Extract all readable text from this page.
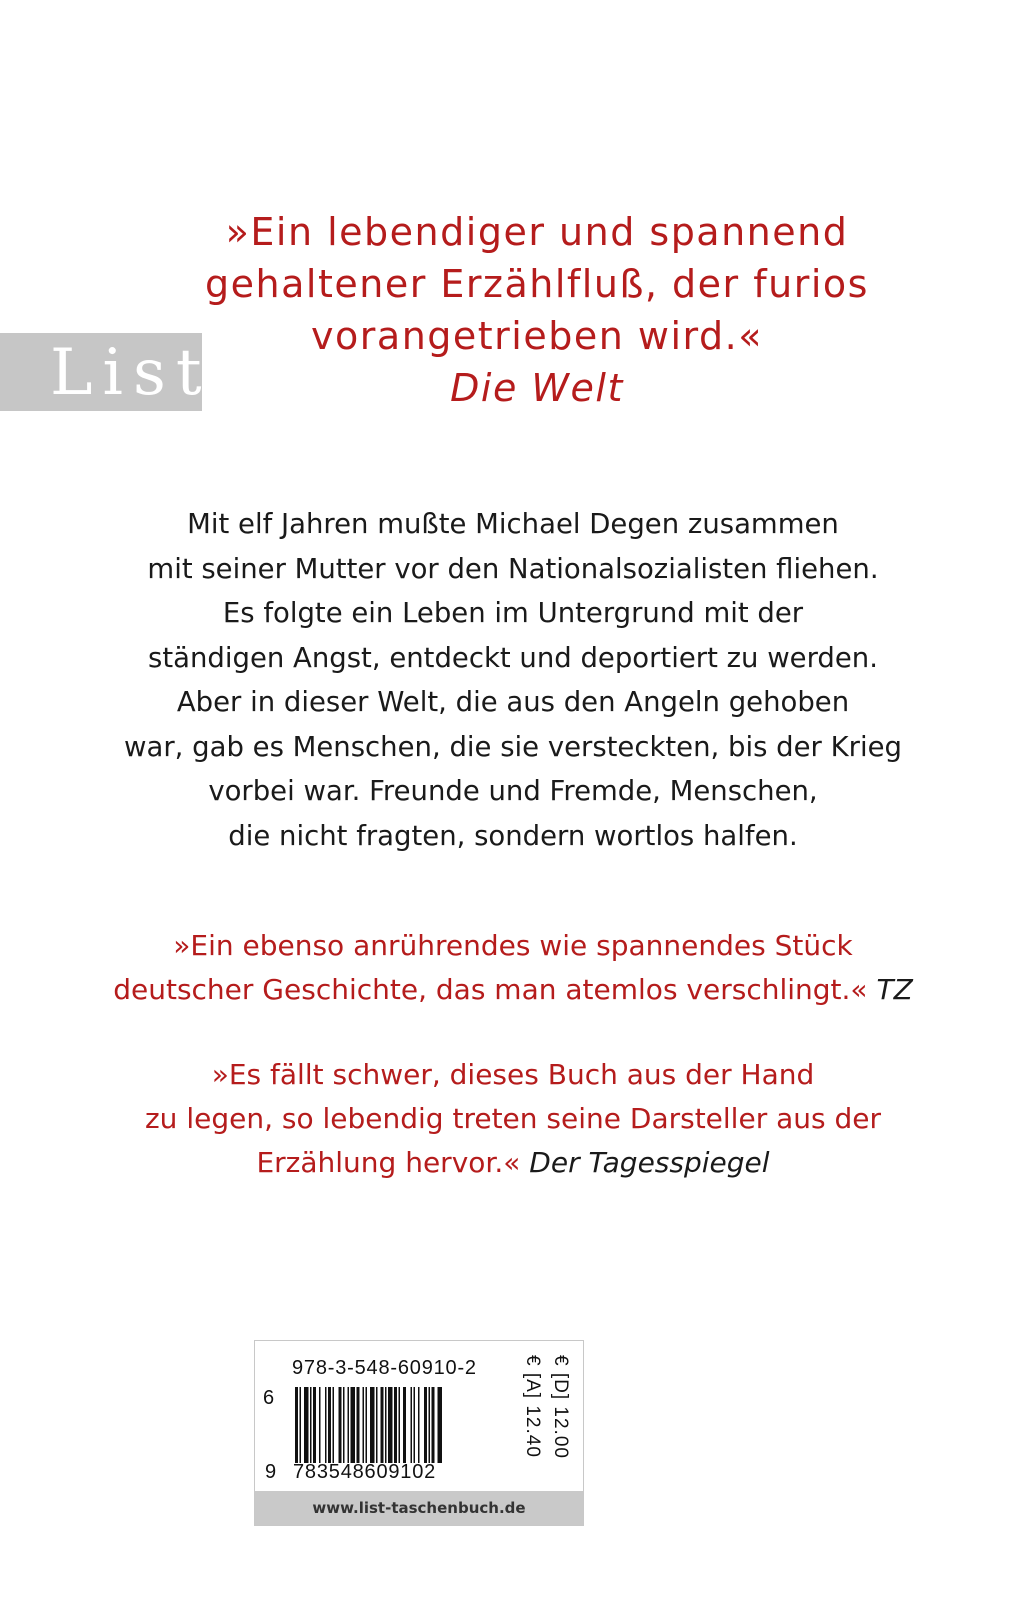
List
»Ein lebendiger und spannend
gehaltener Erzählfluß, der furios
vorangetrieben wird.«
Die Welt
Mit elf Jahren mußte Michael Degen zusammen
mit seiner Mutter vor den Nationalsozialisten fliehen.
Es folgte ein Leben im Untergrund mit der
ständigen Angst, entdeckt und deportiert zu werden.
Aber in dieser Welt, die aus den Angeln gehoben
war, gab es Menschen, die sie versteckten, bis der Krieg
vorbei war. Freunde und Fremde, Menschen,
die nicht fragten, sondern wortlos halfen.
»Ein ebenso anrührendes wie spannendes Stück
deutscher Geschichte, das man atemlos verschlingt.« TZ
»Es fällt schwer, dieses Buch aus der Hand
zu legen, so lebendig treten seine Darsteller aus der
Erzählung hervor.« Der Tagesspiegel
978-3-548-60910-2
6
9 783548609102
€ [D] 12.00
€ [A] 12.40
www.list-taschenbuch.de
